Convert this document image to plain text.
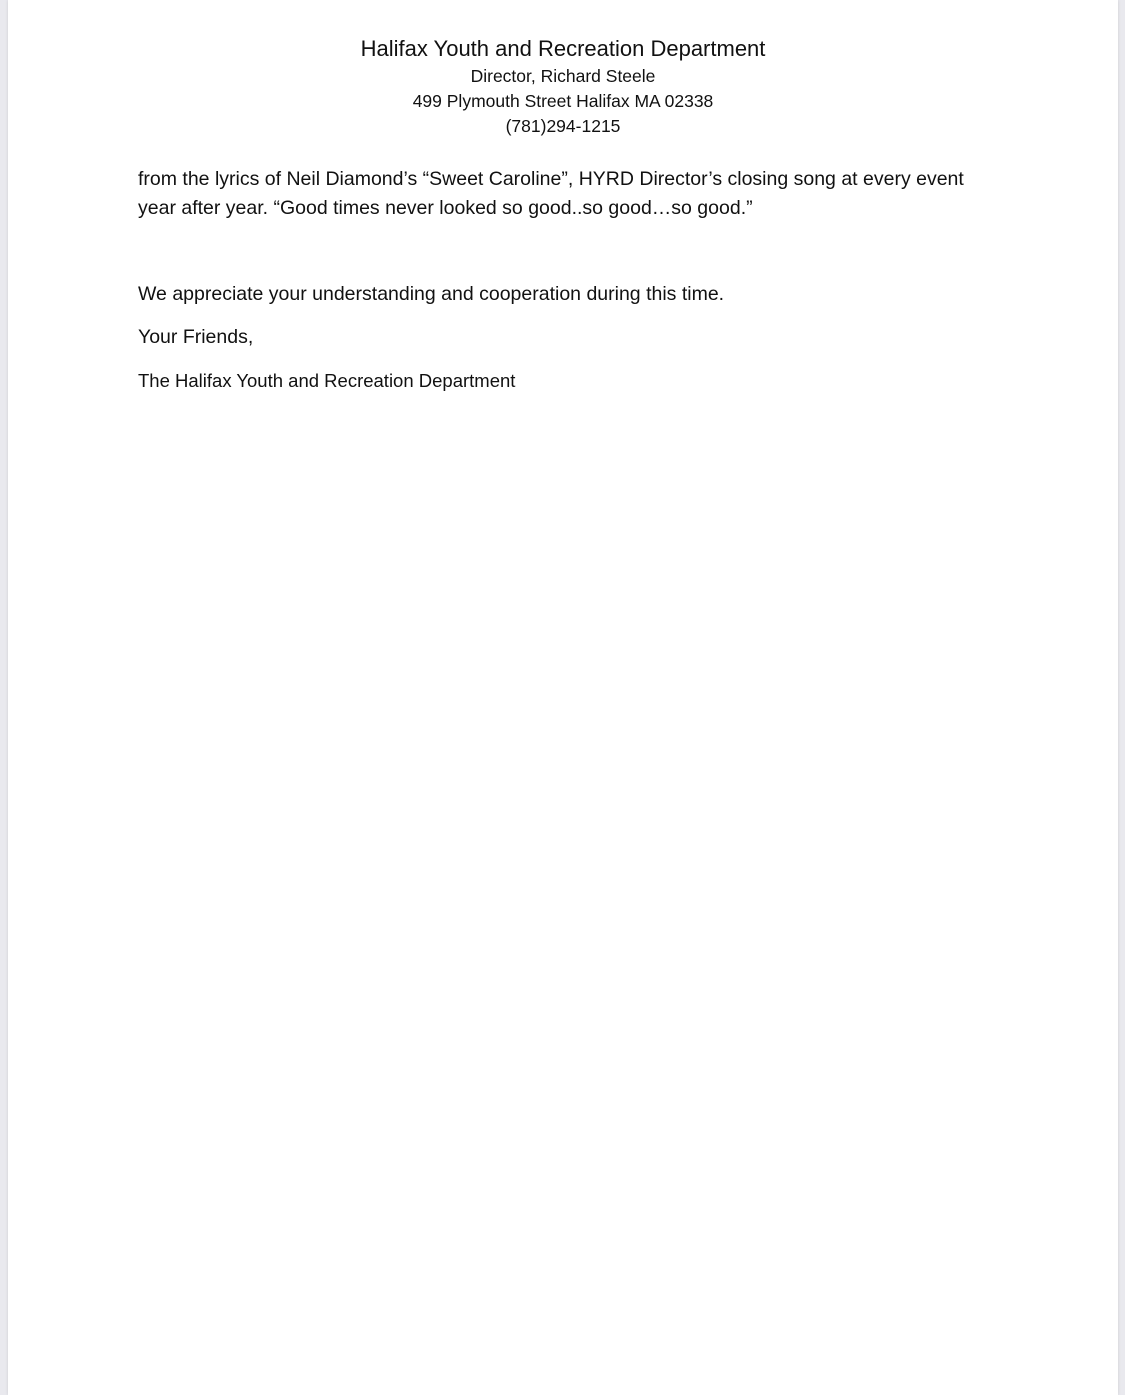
Halifax Youth and Recreation Department
Director, Richard Steele
499 Plymouth Street Halifax MA 02338
(781)294-1215

from the lyrics of Neil Diamond’s “Sweet Caroline”, HYRD Director’s closing song at every event year after year. “Good times never looked so good..so good…so good.”

We appreciate your understanding and cooperation during this time.

Your Friends,

The Halifax Youth and Recreation Department
